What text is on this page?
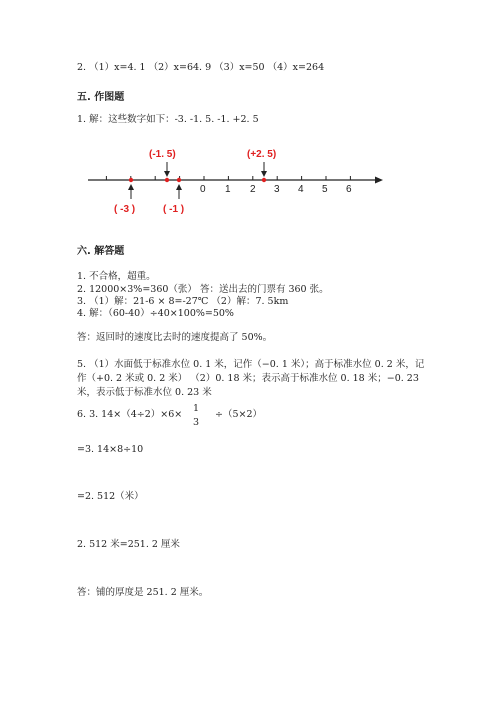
2. （1）x=4. 1 （2）x=64. 9 （3）x=50 （4）x=264
五. 作图题
1. 解：这些数字如下：-3. -1. 5. -1. +2. 5
0 1 2 3 4 5 6
(-1. 5)	(+2. 5)
( -3 )	( -1 )
六. 解答题
1. 不合格，超重。
2. 12000×3%=360（张） 答：送出去的门票有 360 张。
3. （1）解：21-6 × 8=-27℃ （2）解：7. 5km
4. 解：（60-40）÷40×100%=50%
答：返回时的速度比去时的速度提高了 50%。
5. （1）水面低于标准水位 0. 1 米，记作（−0. 1 米）；高于标准水位 0. 2 米，记
作（+0. 2 米或 0. 2 米） （2）0. 18 米；表示高于标准水位 0. 18 米；−0. 23
米，表示低于标准水位 0. 23 米
6. 3. 14×（4÷2）×6×
1
3
÷（5×2）
=3. 14×8÷10
=2. 512（米）
2. 512 米=251. 2 厘米
答：铺的厚度是 251. 2 厘米。
